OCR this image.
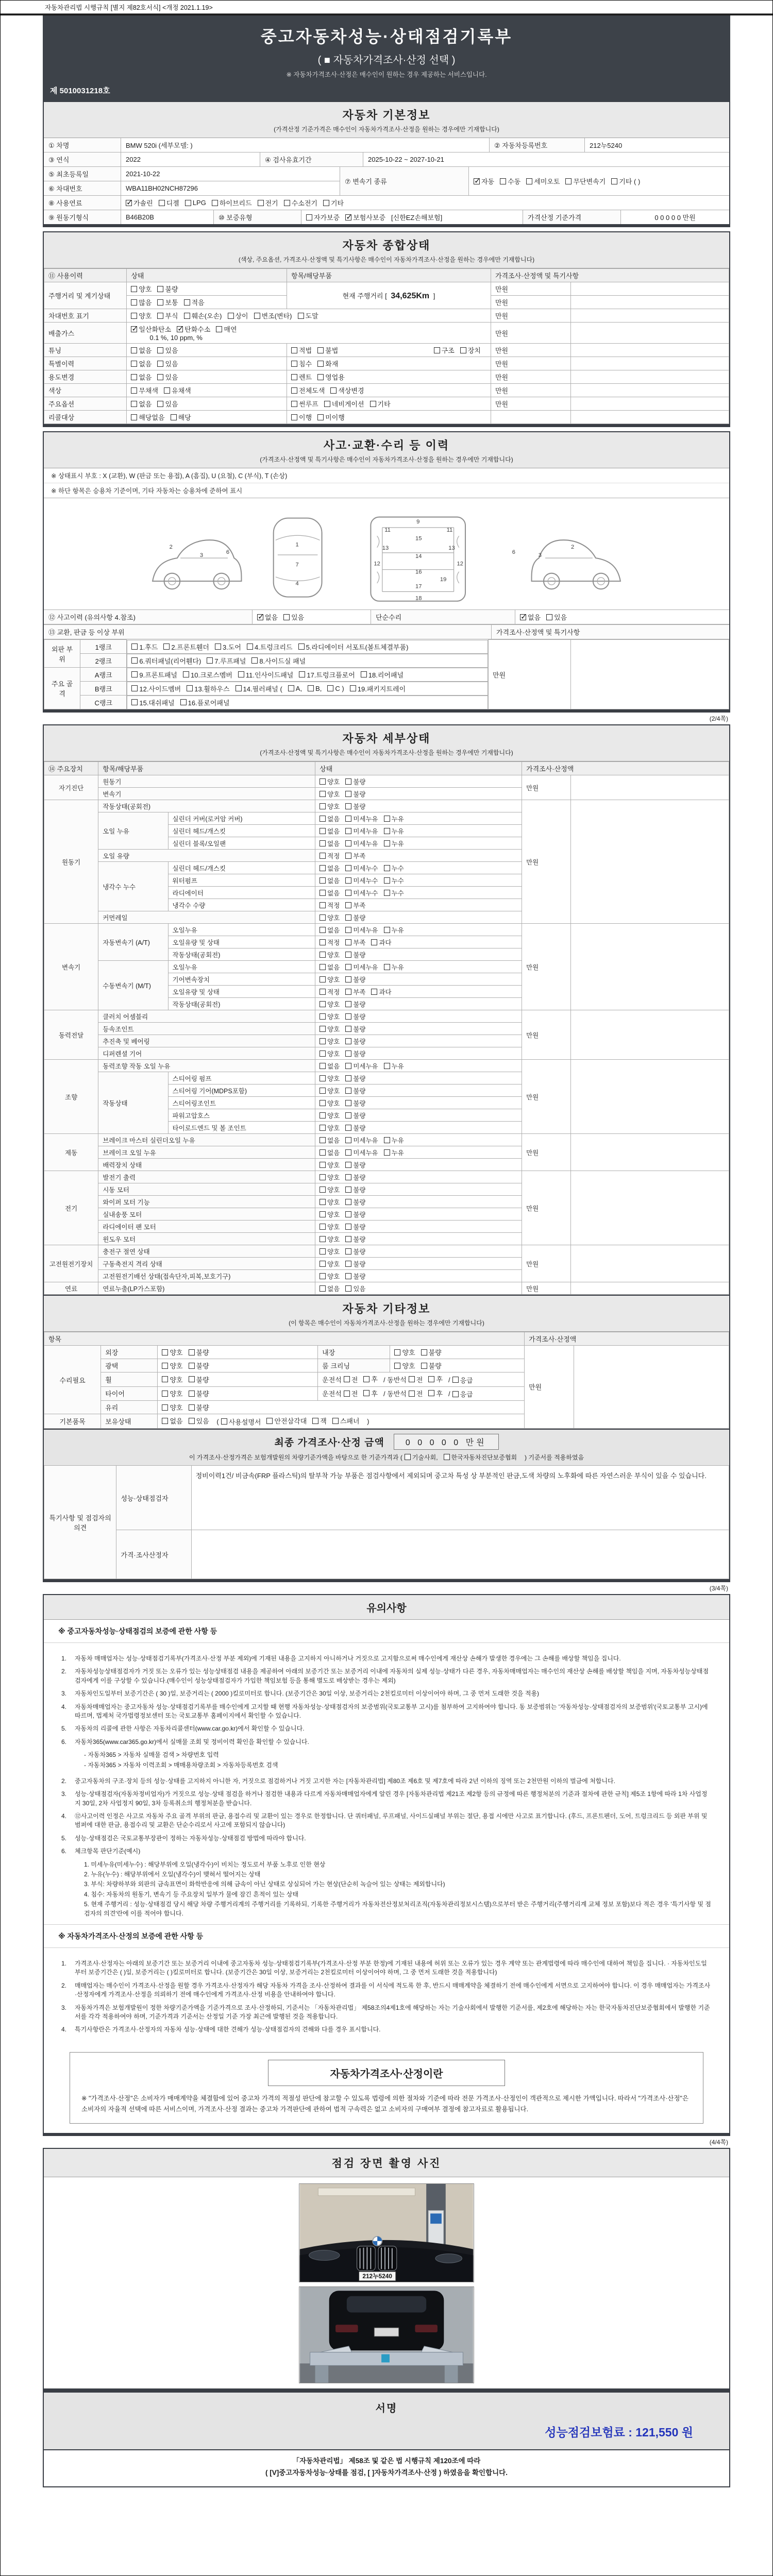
자동차관리법 시행규칙 [별지 제82호서식] <개정 2021.1.19>
중고자동차성능·상태점검기록부
( ■ 자동차가격조사·산정 선택 )
※ 자동차가격조사·산정은 매수인이 원하는 경우 제공하는 서비스입니다.
제 5010031218호
자동차 기본정보
(가격산정 기준가격은 매수인이 자동차가격조사·산정을 원하는 경우에만 기재합니다)
① 차명	BMW 520i (세부모델: )	② 자동차등록번호	212누5240
③ 연식	2022	④ 검사유효기간	2025-10-22 ~ 2027-10-21
⑤ 최초등록일	2021-10-22
⑥ 차대번호	WBA11BH02NCH87296
⑦ 변속기 종류 ✓	자동 수동 세미오토 무단변속기 기타 ( )
⑧ 사용연료 ✓	가솔린 디젤 LPG 하이브리드 전기 수소전기 기타
⑨ 원동기형식	B46B20B	⑩ 보증유형	자가보증 ✓ 보험사보증 [신한EZ손해보험]	가격산정 기준가격	0 0 0 0 0 만원
자동차 종합상태
(색상, 주요옵션, 가격조사·산정액 및 특기사항은 매수인이 자동차가격조사·산정을 원하는 경우에만 기재합니다)
⑪ 사용이력	상태	항목/해당부품	가격조사·산정액 및 특기사항	
주행거리 및 계기상태	양호 불량	현재 주행거리 [ 34,625Km ]	만원	

	많음 보통 적음		만원	
차대번호 표기	양호 부식 훼손(오손) 상이 변조(변타) 도말	만원	
배출가스	
✓일산화탄소 ✓ 탄화수소 매연
0.1 %, 10 ppm, %		만원	
튜닝	없음 있음	적법 불법 구조 장치	만원	
특별이력	없음 있음	침수 화재	만원	
용도변경	없음 있음	렌트 영업용	만원	
색상	무채색 유채색	전체도색 색상변경	만원	
주요옵션	없음 있음	썬루프 네비게이션 기타	만원	
리콜대상	해당없음 해당	이행 미이행		

사고·교환·수리 등 이력
(가격조사·산정액 및 특기사항은 매수인이 자동차가격조사·산정을 원하는 경우에만 기재합니다)
※ 상태표시 부호 : X (교환), W (판금 또는 용접), A (흠집), U (요철), C (부식), T (손상)
※ 하단 항목은 승용차 기준이며, 기타 자동차는 승용차에 준하여 표시
2
3
6
1
7
4
9
11	11
15
13	13
14
12	12
16
19
17
18
6
3
2
⑫ 사고이력 (유의사항 4.참조) ✓	없음 있음	단순수리 ✓	없음 있음
⑬ 교환, 판금 등 이상 부위	가격조사·산정액 및 특기사항
외판 부위	1랭크		1.후드 2.프론트휀더 3.도어 4.트렁크리드 5.라디에이터 서포트(볼트체결부품)
만원	
	2랭크		6.쿼터패널(리어휀다) 7.루프패널 8.사이드실 패널

주요 골격	A랭크		9.프론트패널 10.크로스멤버 11.인사이드패널 17.트렁크플로어 18.리어패널

B랭크		12.사이드멤버 13.휠하우스 14.필러패널 ( A, B, C ) 19.패키지트레이

	C랭크		15.대쉬패널 16.플로어패널
(2/4쪽)
자동차 세부상태
(가격조사·산정액 및 특기사항은 매수인이 자동차가격조사·산정을 원하는 경우에만 기재합니다)
⑭ 주요장치	항목/해당부품		상태	가격조사·산정액	
자기진단	원동기		양호 불량	만원	
	변속기		양호 불량		

원동기	작동상태(공회전)		양호 불량	만원	
	오일 누유	실린더 커버(로커암 커버)	없음 미세누유 누유		

		실린더 헤드/개스킷	없음 미세누유 누유		

		실린더 블록/오일팬	없음 미세누유 누유		

	오일 유량		적정 부족		

	냉각수 누수	실린더 헤드/개스킷	없음 미세누수 누수		

		워터펌프	없음 미세누수 누수		

		라디에이터	없음 미세누수 누수		

		냉각수 수량	적정 부족		

	커먼레일		양호 불량		

변속기	자동변속기 (A/T)	오일누유	없음 미세누유 누유	만원	
		오일유량 및 상태	적정 부족 과다		

		작동상태(공회전)	양호 불량		

	수동변속기 (M/T)	오일누유	없음 미세누유 누유		

		기어변속장치	양호 불량		

		오일유량 및 상태	적정 부족 과다		

		작동상태(공회전)	양호 불량		

동력전달	클러치 어셈블리		양호 불량	만원	
	등속조인트		양호 불량		

	추진축 및 베어링		양호 불량		

	디퍼렌셜 기어		양호 불량		

조향	동력조향 작동 오일 누유		없음 미세누유 누유	만원	
	작동상태	스티어링 펌프	양호 불량		

		스티어링 기어(MDPS포함)	양호 불량		

		스티어링조인트	양호 불량		

		파워고압호스	양호 불량		

		타이로드엔드 및 볼 조인트	양호 불량		

제동	브레이크 마스터 실린더오일 누유		없음 미세누유 누유	만원	
	브레이크 오일 누유		없음 미세누유 누유		

	배력장치 상태		양호 불량		

전기	발전기 출력		양호 불량	만원	
	시동 모터		양호 불량		

	와이퍼 모터 기능		양호 불량		

	실내송풍 모터		양호 불량		

	라디에이터 팬 모터		양호 불량		

	윈도우 모터		양호 불량		

고전원전기장치	충전구 절연 상태		양호 불량	만원	
	구동축전지 격리 상태		양호 불량		

	고전원전기배선 상태(접속단자,피복,보호기구)		양호 불량		

연료	연료누출(LP가스포함)		없음 있음	만원	
자동차 기타정보
(이 항목은 매수인이 자동차가격조사·산정을 원하는 경우에만 기재합니다)
항목					가격조사·산정액	
수리필요	외장	양호 불량	내장	양호 불량	만원	
	광택	양호 불량	룸 크리닝	양호 불량		

휠	양호 불량	운전석 전 후 / 동반석 전 후 / 응급

타이어	양호 불량	운전석 전 후 / 동반석 전 후 / 응급

	유리	양호 불량				

기본품목	보유상태	없음 있음
( 사용설명서 안전삼각대 잭 스패너 )
최종 가격조사·산정 금액	0 0 0 0 0 만원
이 가격조사·산정가격은 보험개발원의 차량기준가액을 바탕으로 한 기준가격과 ( 기술사회, 한국자동차진단보증협회 ) 기준서를 적용하였음
특기사항 및 점검자의 의견	성능·상태점검자	정비이력1건/ 비금속(FRP 플라스틱)의 탈부착 가능 부품은 점검사항에서 제외되며 중고차 특성 상 부분적인 판금,도색 차량의 노후화에 따른 자연스러운 부식이 있을 수 있습니다.
	가격·조사산정자	
(3/4쪽)
유의사항
※ 중고자동차성능·상태점검의 보증에 관한 사항 등
1.	자동차 매매업자는 성능·상태점검기록부(가격조사·산정 부분 제외)에 기재된 내용을 고지하지 아니하거나 거짓으로 고지함으로써 매수인에게 재산상 손해가 발생한 경우에는 그 손해를 배상할 책임을 집니다.
2.	자동차성능상태점검자가 거짓 또는 오류가 있는 성능상태점검 내용을 제공하여 아래의 보증기간 또는 보증거리 이내에 자동차의 실제 성능·상태가 다른 경우, 자동차매매업자는 매수인의 재산상 손해를 배상할 책임을 지며, 자동차성능상태점검자에게 이를 구상할 수 있습니다.(매수인이 성능상태점검자가 가입한 책임보험 등을 통해 별도로 배상받는 경우는 제외)
3.	자동차인도일부터 보증기간은 ( 30 )일, 보증거리는 ( 2000 )킬로미터로 합니다. (보증기간은 30일 이상, 보증거리는 2천킬로미터 이상이어야 하며, 그 중 먼저 도래한 것을 적용)
4.	자동차매매업자는 중고자동차 성능·상태점검기록부를 매수인에게 고지할 때 현행 자동차성능·상태점검자의 보증범위(국토교통부 고시)를 첨부하여 고지하여야 합니다. 동 보증범위는 '자동차성능·상태점검자의 보증범위'(국토교통부 고시)에 따르며, 법제처 국가법령정보센터 또는 국토교통부 홈페이지에서 확인할 수 있습니다.
5.	자동차의 리콜에 관한 사항은 자동차리콜센터(www.car.go.kr)에서 확인할 수 있습니다.
6.	자동차365(www.car365.go.kr)에서 실매물 조회 및 정비이력 확인을 확인할 수 있습니다.
- 자동차365 > 자동차 실매물 검색 > 차량번호 입력
- 자동차365 > 자동차 이력조회 > 매매용차량조회 > 자동차등록번호 검색
2.	중고자동차의 구조·장치 등의 성능·상태를 고지하지 아니한 자, 거짓으로 점검하거나 거짓 고지한 자는 [자동차관리법] 제80조 제6호 및 제7호에 따라 2년 이하의 징역 또는 2천만원 이하의 벌금에 처합니다.
3.	성능·상태점검자(자동차정비업자)가 거짓으로 성능·상태 점검을 하거나 점검한 내용과 다르게 자동차매매업자에게 알린 경우 [자동차관리법 제21조 제2항 등의 규정에 따른 행정처분의 기준과 절차에 관한 규칙] 제5조 1항에 따라 1차 사업정지 30일, 2차 사업정지 90일, 3차 등록취소의 행정처분을 받습니다.
4.	⑫사고이력 인정은 사고로 자동차 주요 골격 부위의 판금, 용접수리 및 교환이 있는 경우로 한정합니다. 단 쿼터패널, 루프패널, 사이드실패널 부위는 절단, 용접 시에만 사고로 표기합니다. (후드, 프론트펜더, 도어, 트렁크리드 등 외판 부위 및 범퍼에 대한 판금, 용접수리 및 교환은 단순수리로서 사고에 포함되지 않습니다)
5.	성능·상태점검은 국토교통부장관이 정하는 자동차성능·상태점검 방법에 따라야 합니다.
6.	체크항목 판단기준(예시)
1. 미세누유(미세누수) : 해당부위에 오일(냉각수)이 비치는 정도로서 부품 노후로 인한 현상
2. 누유(누수) : 해당부위에서 오일(냉각수)이 맺혀서 떨어지는 상태
3. 부식: 차량하부와 외판의 금속표면이 화학반응에 의해 금속이 아닌 상태로 상실되어 가는 현상(단순히 녹슬어 있는 상태는 제외합니다)
4. 침수: 자동차의 원동기, 변속기 등 주요장치 일부가 물에 잠긴 흔적이 있는 상태
5. 현재 주행거리 : 성능·상태점검 당시 해당 차량 주행거리계의 주행거리를 기록하되, 기록한 주행거리가 자동차전산정보처리조직(자동차관리정보시스템)으로부터 받은 주행거리(주행거리계 교체 정보 포함)보다 적은 경우 '특기사항 및 점검자의 의견'란에 이를 적어야 합니다.
※ 자동차가격조사·산정의 보증에 관한 사항 등
1.	가격조사·산정자는 아래의 보증기간 또는 보증거리 이내에 중고자동차 성능·상태점검기록부(가격조사·산정 부분 한정)에 기재된 내용에 허위 또는 오류가 있는 경우 계약 또는 관계법령에 따라 매수인에 대하여 책임을 집니다. · 자동차인도일부터 보증기간은 ( )일, 보증거리는 ( )킬로미터로 합니다. (보증기간은 30일 이상, 보증거리는 2천킬로미터 이상이어야 하며, 그 중 먼저 도래한 것을 적용합니다)
2.	매매업자는 매수인이 가격조사·산정을 원할 경우 가격조사·산정자가 해당 자동차 가격을 조사·산정하여 결과를 이 서식에 적도록 한 후, 반드시 매매계약을 체결하기 전에 매수인에게 서면으로 고지하여야 합니다. 이 경우 매매업자는 가격조사·산정자에게 가격조사·산정을 의뢰하기 전에 매수인에게 가격조사·산정 비용을 안내하여야 합니다.
3.	자동차가격은 보험개발원이 정한 차량기준가액을 기준가격으로 조사·산정하되, 기준서는 「자동차관리법」 제58조의4제1호에 해당하는 자는 기술사회에서 발행한 기준서를, 제2호에 해당하는 자는 한국자동차진단보증협회에서 발행한 기준서를 각각 적용하여야 하며, 기준가격과 기준서는 산정일 기준 가장 최근에 발행된 것을 적용합니다.
4.	특기사항란은 가격조사·산정자의 자동차 성능·상태에 대한 견해가 성능·상태점검자의 견해와 다를 경우 표시합니다.
자동차가격조사·산정이란
※ "가격조사·산정"은 소비자가 매매계약을 체결함에 있어 중고차 가격의 적절성 판단에 참고할 수 있도록 법령에 의한 절차와 기준에 따라 전문 가격조사·산정인이 객관적으로 제시한 가액입니다. 따라서 "가격조사·산정"은 소비자의 자율적 선택에 따른 서비스이며, 가격조사·산정 결과는 중고차 가격판단에 관하여 법적 구속력은 없고 소비자의 구매여부 결정에 참고자료로 활용됩니다.
(4/4쪽)
점검 장면 촬영 사진
212누5240
서명
성능점검보험료 : 121,550 원
「자동차관리법」 제58조 및 같은 법 시행규칙 제120조에 따라
( [V]중고자동차성능·상태를 점검, [ ]자동차가격조사·산정 ) 하였음을 확인합니다.
